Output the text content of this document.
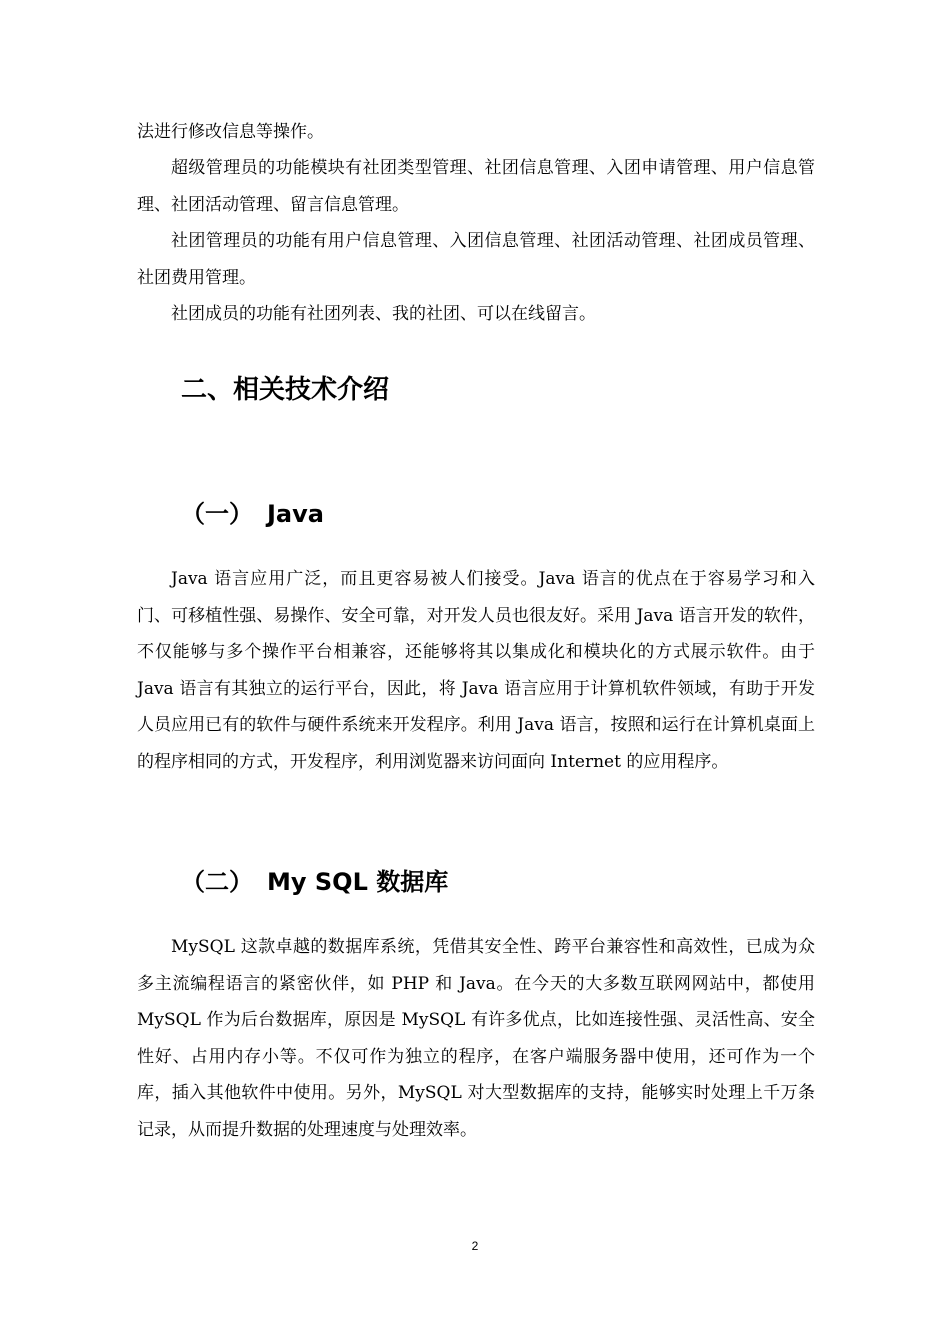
法进行修改信息等操作。

超级管理员的功能模块有社团类型管理、社团信息管理、入团申请管理、用户信息管理、社团活动管理、留言信息管理。

社团管理员的功能有用户信息管理、入团信息管理、社团活动管理、社团成员管理、社团费用管理。

社团成员的功能有社团列表、我的社团、可以在线留言。

二、相关技术介绍
（一） Java

Java 语言应用广泛，而且更容易被人们接受。Java 语言的优点在于容易学习和入门、可移植性强、易操作、安全可靠，对开发人员也很友好。采用 Java 语言开发的软件，不仅能够与多个操作平台相兼容，还能够将其以集成化和模块化的方式展示软件。由于 Java 语言有其独立的运行平台，因此，将 Java 语言应用于计算机软件领域，有助于开发人员应用已有的软件与硬件系统来开发程序。利用 Java 语言，按照和运行在计算机桌面上的程序相同的方式，开发程序，利用浏览器来访问面向 Internet 的应用程序。

（二） My SQL 数据库

MySQL 这款卓越的数据库系统，凭借其安全性、跨平台兼容性和高效性，已成为众多主流编程语言的紧密伙伴，如 PHP 和 Java。在今天的大多数互联网网站中，都使用 MySQL 作为后台数据库，原因是 MySQL 有许多优点，比如连接性强、灵活性高、安全性好、占用内存小等。不仅可作为独立的程序，在客户端服务器中使用，还可作为一个库，插入其他软件中使用。另外，MySQL 对大型数据库的支持，能够实时处理上千万条记录，从而提升数据的处理速度与处理效率。

2
